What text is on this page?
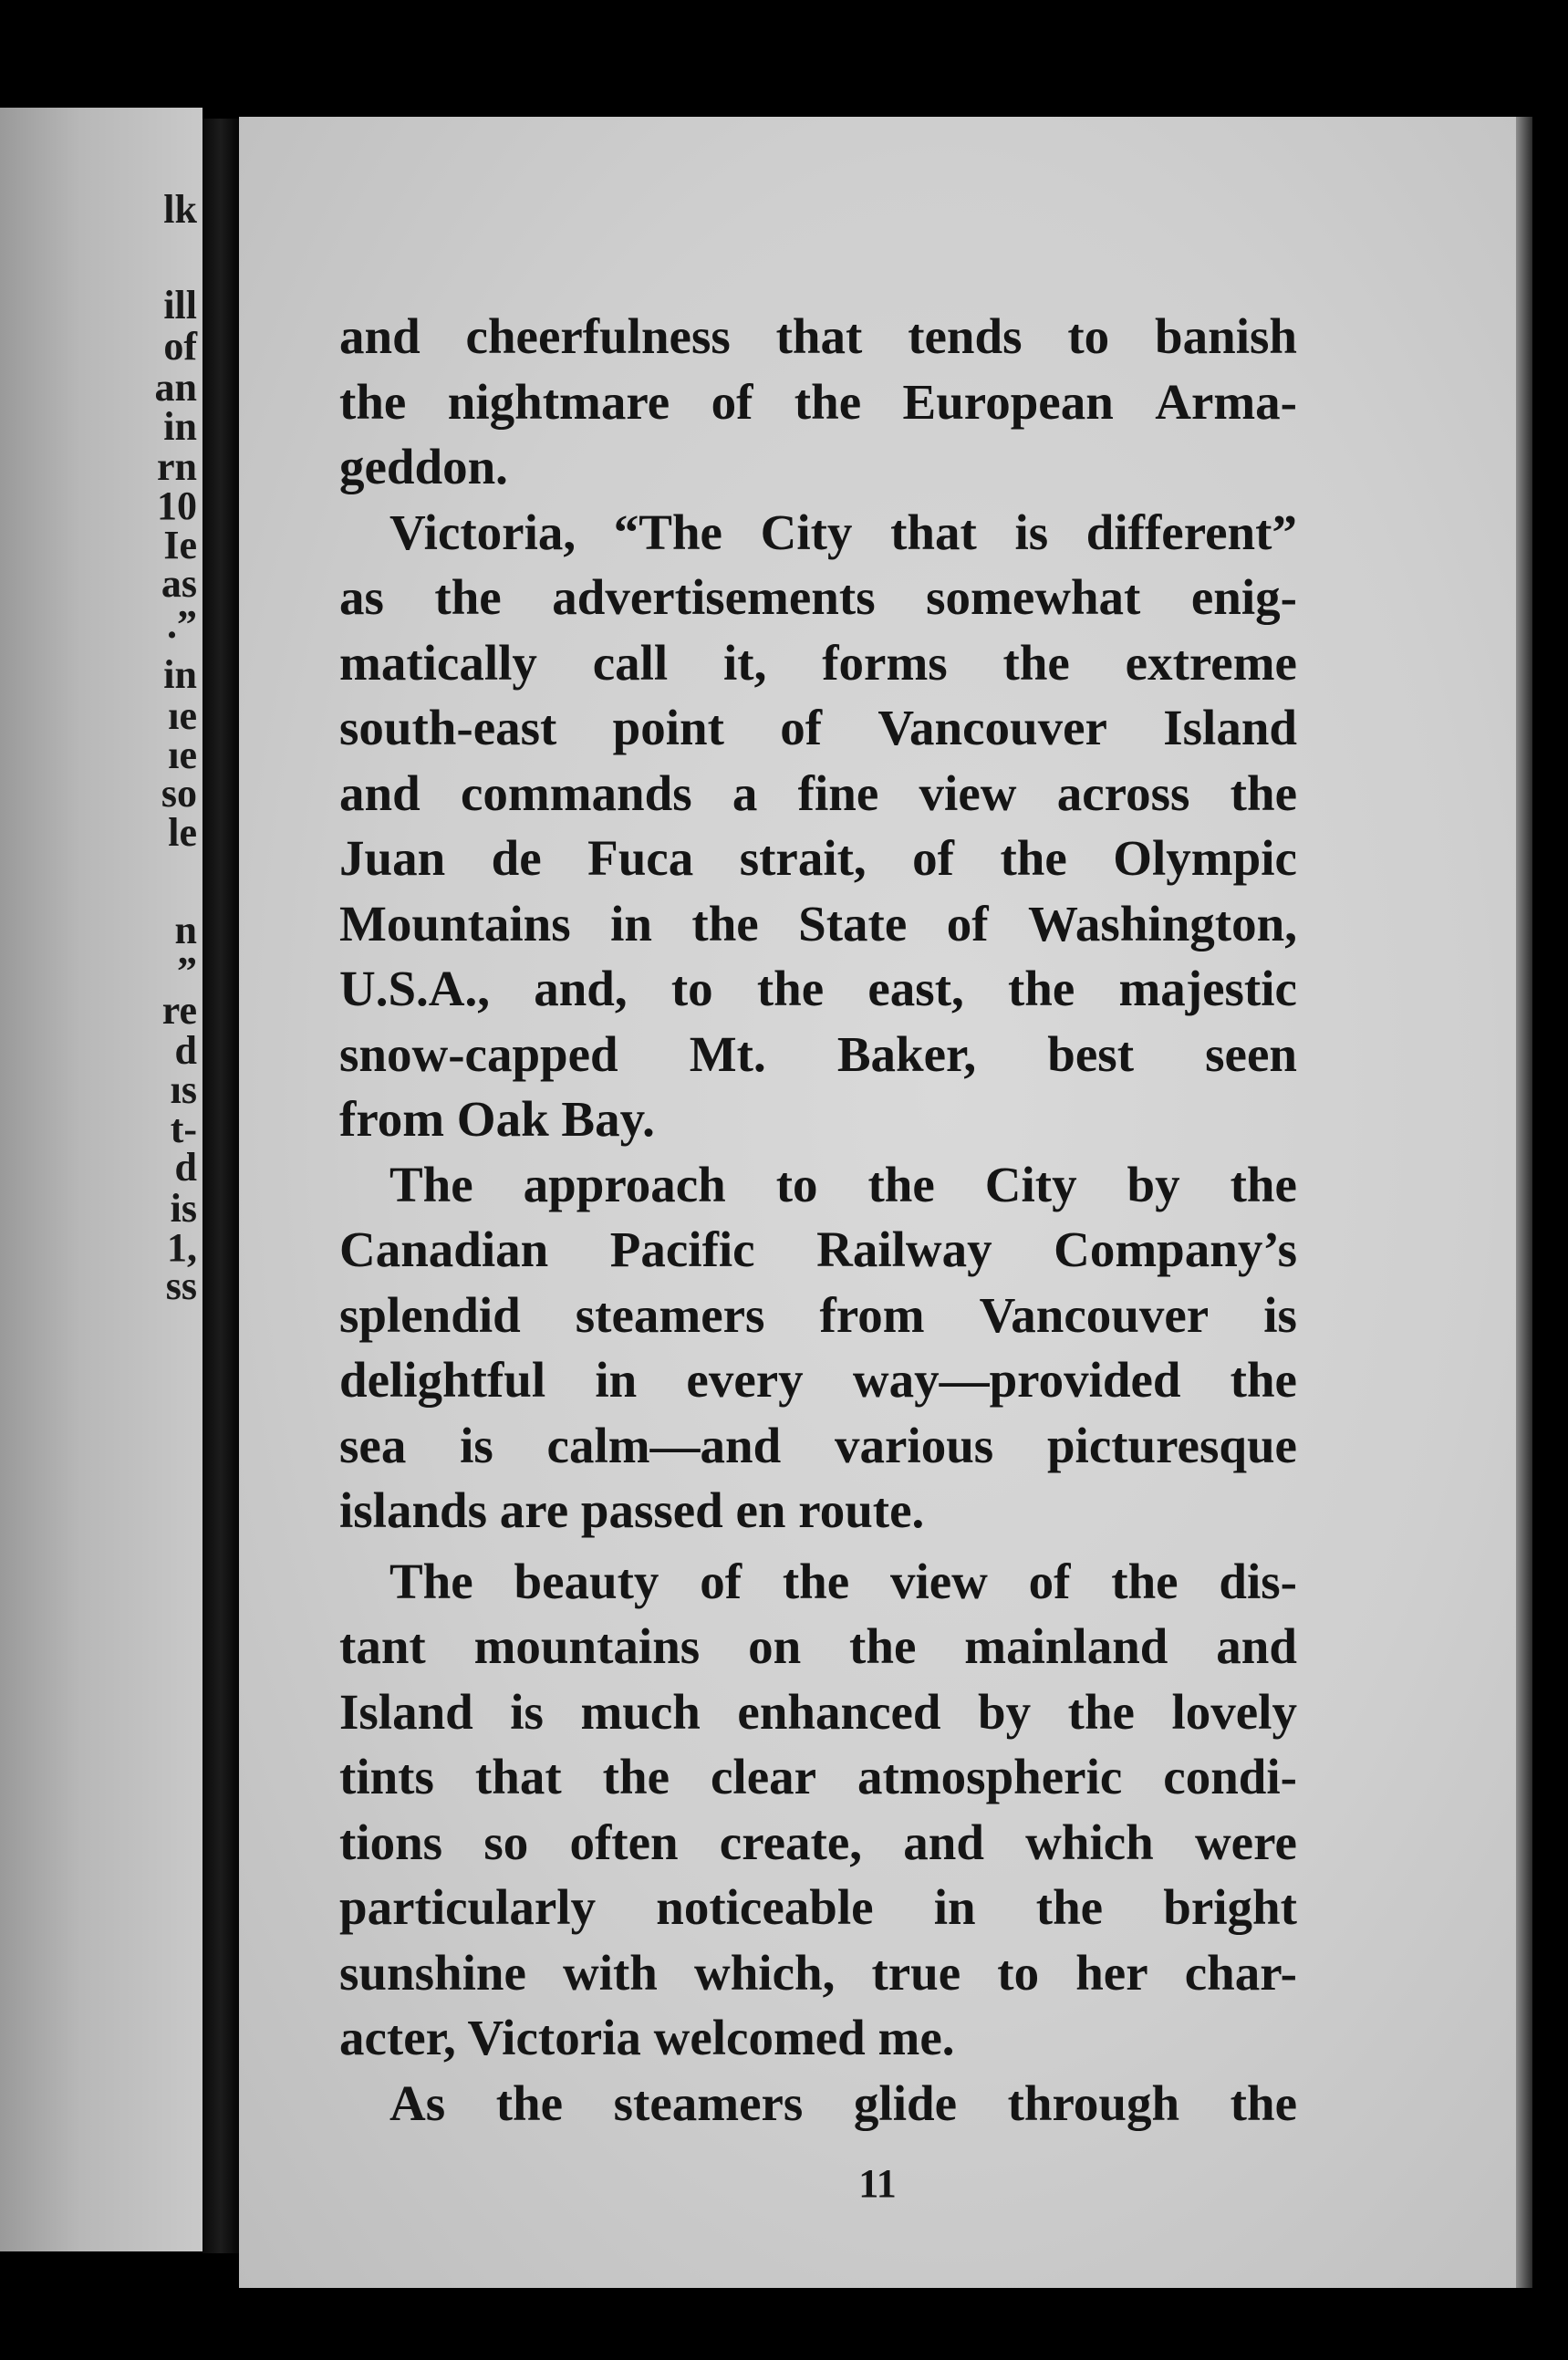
lk
ill
of
an
in
rn
10
Ie
as
.”
in
ıe
ıe
so
le
n
”
re
d
ıs
t-
d
is
1,
ss
and cheerfulness that tends to banish
the nightmare of the European Arma-
geddon.
Victoria, “The City that is different”
as the advertisements somewhat enig-
matically call it, forms the extreme
south-east point of Vancouver Island
and commands a fine view across the
Juan de Fuca strait, of the Olympic
Mountains in the State of Washington,
U.S.A., and, to the east, the majestic
snow-capped Mt. Baker, best seen
from Oak Bay.
The approach to the City by the
Canadian Pacific Railway Company’s
splendid steamers from Vancouver is
delightful in every way—provided the
sea is calm—and various picturesque
islands are passed en route.
The beauty of the view of the dis-
tant mountains on the mainland and
Island is much enhanced by the lovely
tints that the clear atmospheric condi-
tions so often create, and which were
particularly noticeable in the bright
sunshine with which, true to her char-
acter, Victoria welcomed me.
As the steamers glide through the
11
